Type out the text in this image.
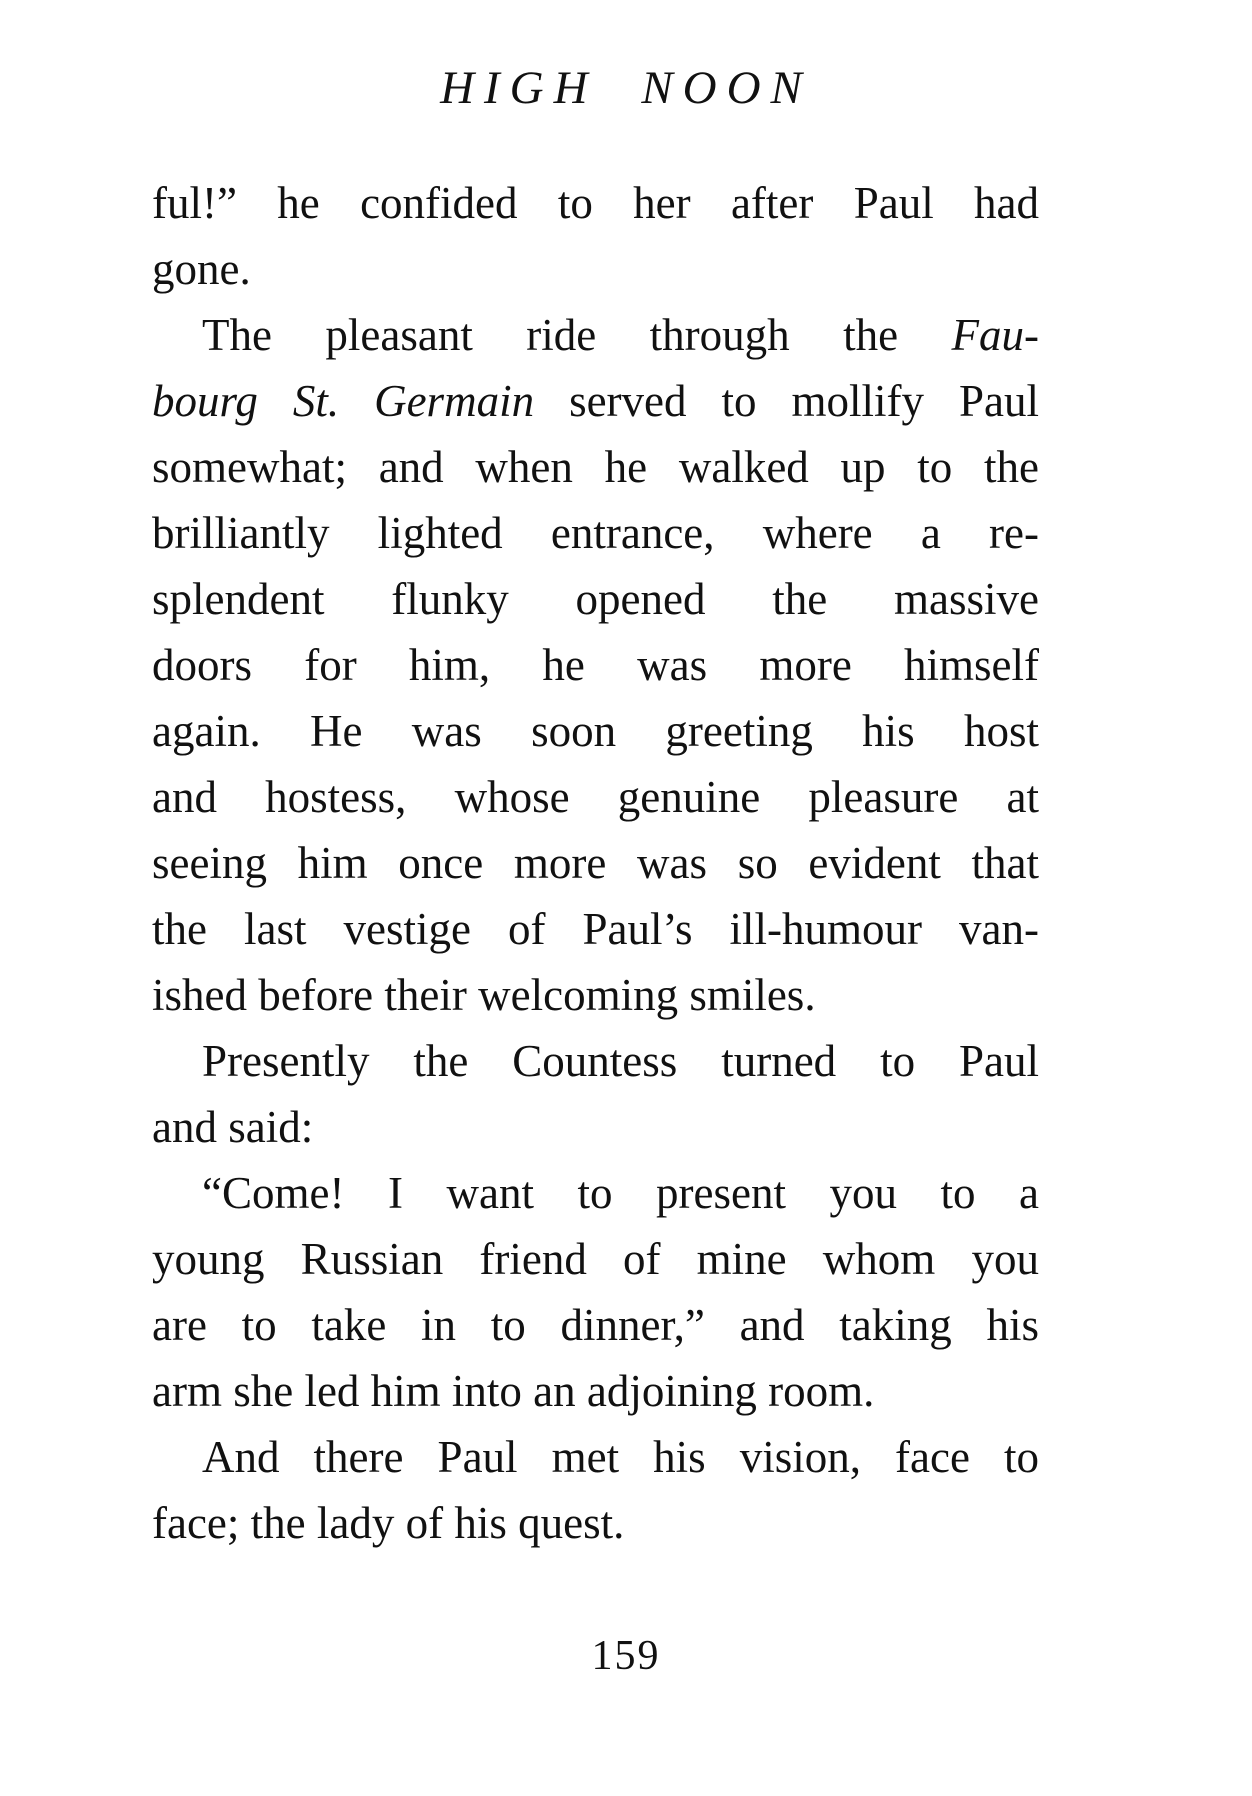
HIGH NOON
ful!” he confided to her after Paul had
gone.
The pleasant ride through the Fau-
bourg St. Germain served to mollify Paul
somewhat; and when he walked up to the
brilliantly lighted entrance, where a re-
splendent flunky opened the massive
doors for him, he was more himself
again. He was soon greeting his host
and hostess, whose genuine pleasure at
seeing him once more was so evident that
the last vestige of Paul’s ill-humour van-
ished before their welcoming smiles.
Presently the Countess turned to Paul
and said:
“Come! I want to present you to a
young Russian friend of mine whom you
are to take in to dinner,” and taking his
arm she led him into an adjoining room.
And there Paul met his vision, face to
face; the lady of his quest.
159
